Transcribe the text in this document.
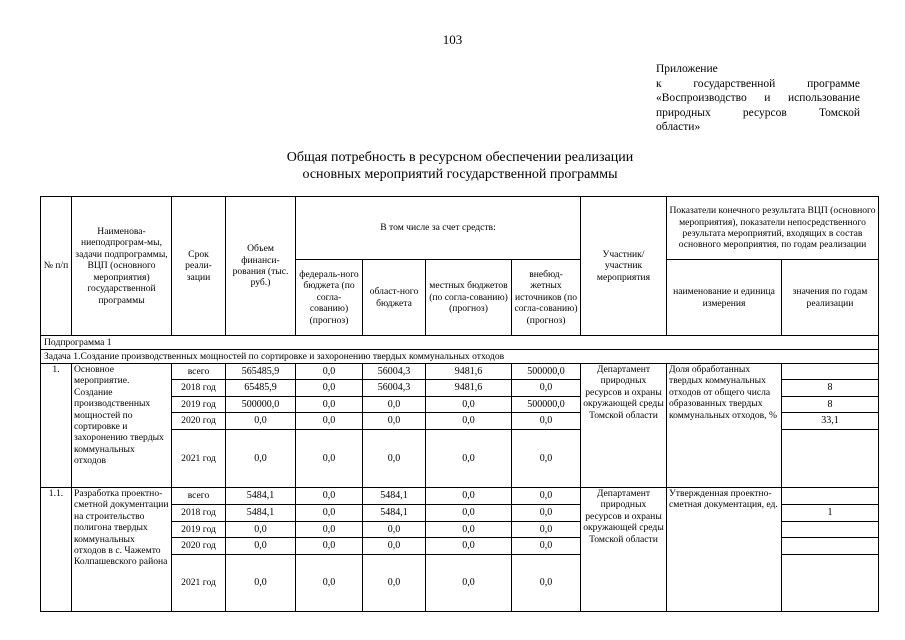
103
Приложение
к государственной программе
«Воспроизводство и использование
природных ресурсов Томской
области»
Общая потребность в ресурсном обеспечении реализации
основных мероприятий государственной программы
№ п/п	Наименова-ниеподпрограм-мы, задачи подпрограммы, ВЦП (основного мероприятия) государственной программы	Срок реали-зации	Объем финанси-рования (тыс. руб.)	В том числе за счет средств:				Участник/ участник мероприятия	Показатели конечного результата ВЦП (основного мероприятия), показатели непосредственного результата мероприятий, входящих в состав основного мероприятия, по годам реализации	
				федераль-ного бюджета (по согла-сованию) (прогноз)	област-ного бюджета	местных бюджетов (по согла-сованию) (прогноз)	внебюд-жетных источников (по согла-сованию) (прогноз)		наименование и единица измерения	значения по годам реализации
Подпрограмма 1										
Задача 1.Создание производственных мощностей по сортировке и захоронению твердых коммунальных отходов										
1.	Основное мероприятие. Создание производственных мощностей по сортировке и захоронению твердых коммунальных отходов	всего	565485,9	0,0	56004,3	9481,6	500000,0	Департамент природных ресурсов и охраны окружающей среды Томской области	Доля обработанных твердых коммунальных отходов от общего числа образованных твердых коммунальных отходов, %	
		2018 год	65485,9	0,0	56004,3	9481,6	0,0			8
		2019 год	500000,0	0,0	0,0	0,0	500000,0			8
		2020 год	0,0	0,0	0,0	0,0	0,0			33,1
		2021 год	0,0	0,0	0,0	0,0	0,0			
1.1.	Разработка проектно-сметной документации на строительство полигона твердых коммунальных отходов в с. Чажемто Колпашевского района	всего	5484,1	0,0	5484,1	0,0	0,0	Департамент природных ресурсов и охраны окружающей среды Томской области	Утвержденная проектно-сметная документация, ед.	
		2018 год	5484,1	0,0	5484,1	0,0	0,0			1
		2019 год	0,0	0,0	0,0	0,0	0,0			
		2020 год	0,0	0,0	0,0	0,0	0,0			
		2021 год	0,0	0,0	0,0	0,0	0,0			
